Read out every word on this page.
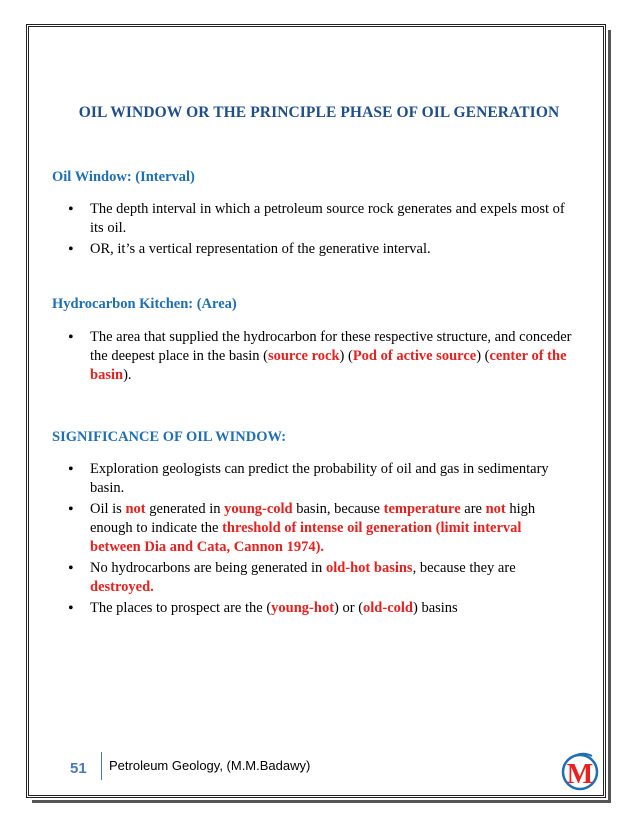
OIL WINDOW OR THE PRINCIPLE PHASE OF OIL GENERATION
Oil Window: (Interval)
• The depth interval in which a petroleum source rock generates and expels most of its oil.
• OR, it’s a vertical representation of the generative interval.
Hydrocarbon Kitchen: (Area)
• The area that supplied the hydrocarbon for these respective structure, and conceder the deepest place in the basin (source rock) (Pod of active source) (center of the basin).
SIGNIFICANCE OF OIL WINDOW:
• Exploration geologists can predict the probability of oil and gas in sedimentary basin.
• Oil is not generated in young-cold basin, because temperature are not high enough to indicate the threshold of intense oil generation (limit interval between Dia and Cata, Cannon 1974).
• No hydrocarbons are being generated in old-hot basins, because they are destroyed.
• The places to prospect are the (young-hot) or (old-cold) basins
51 Petroleum Geology, (M.M.Badawy)	M
